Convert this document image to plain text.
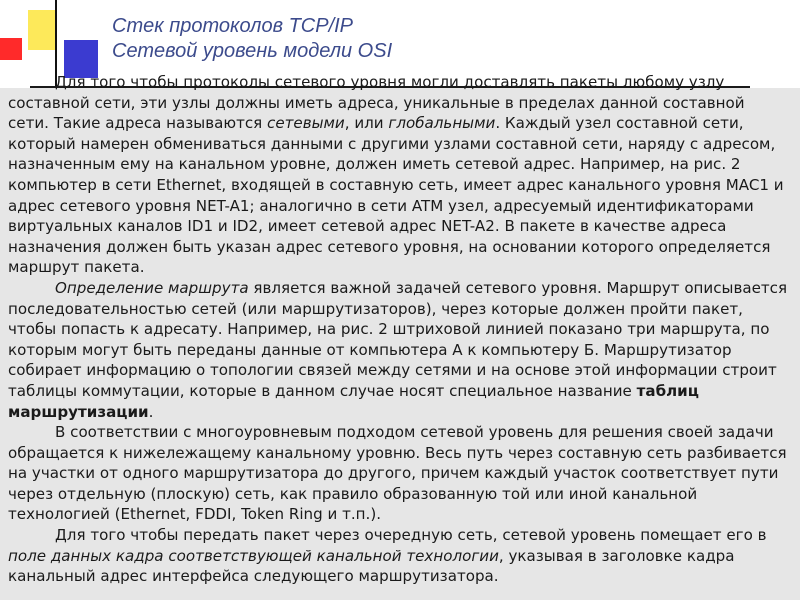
Стек протоколов TCP/IP
Сетевой уровень модели OSI

Для того чтобы протоколы сетевого уровня могли доставлять пакеты любому узлу составной сети, эти узлы должны иметь адреса, уникальные в пределах данной составной сети. Такие адреса называются сетевыми, или глобальными. Каждый узел составной сети, который намерен обмениваться данными с другими узлами составной сети, наряду с адресом, назначенным ему на канальном уровне, должен иметь сетевой адрес. Например, на рис. 2 компьютер в сети Ethernet, входящей в составную сеть, имеет адрес канального уровня MAC1 и адрес сетевого уровня NET-A1; аналогично в сети ATM узел, адресуемый идентификаторами виртуальных каналов ID1 и ID2, имеет сетевой адрес NET-A2. В пакете в качестве адреса назначения должен быть указан адрес сетевого уровня, на основании которого определяется маршрут пакета.

Определение маршрута является важной задачей сетевого уровня. Маршрут описывается последовательностью сетей (или маршрутизаторов), через которые должен пройти пакет, чтобы попасть к адресату. Например, на рис. 2 штриховой линией показано три маршрута, по которым могут быть переданы данные от компьютера А к компьютеру Б. Маршрутизатор собирает информацию о топологии связей между сетями и на основе этой информации строит таблицы коммутации, которые в данном случае носят специальное название таблиц маршрутизации.

В соответствии с многоуровневым подходом сетевой уровень для решения своей задачи обращается к нижележащему канальному уровню. Весь путь через составную сеть разбивается на участки от одного маршрутизатора до другого, причем каждый участок соответствует пути через отдельную (плоскую) сеть, как правило образованную той или иной канальной технологией (Ethernet, FDDI, Token Ring и т.п.).

Для того чтобы передать пакет через очередную сеть, сетевой уровень помещает его в поле данных кадра соответствующей канальной технологии, указывая в заголовке кадра канальный адрес интерфейса следующего маршрутизатора.
